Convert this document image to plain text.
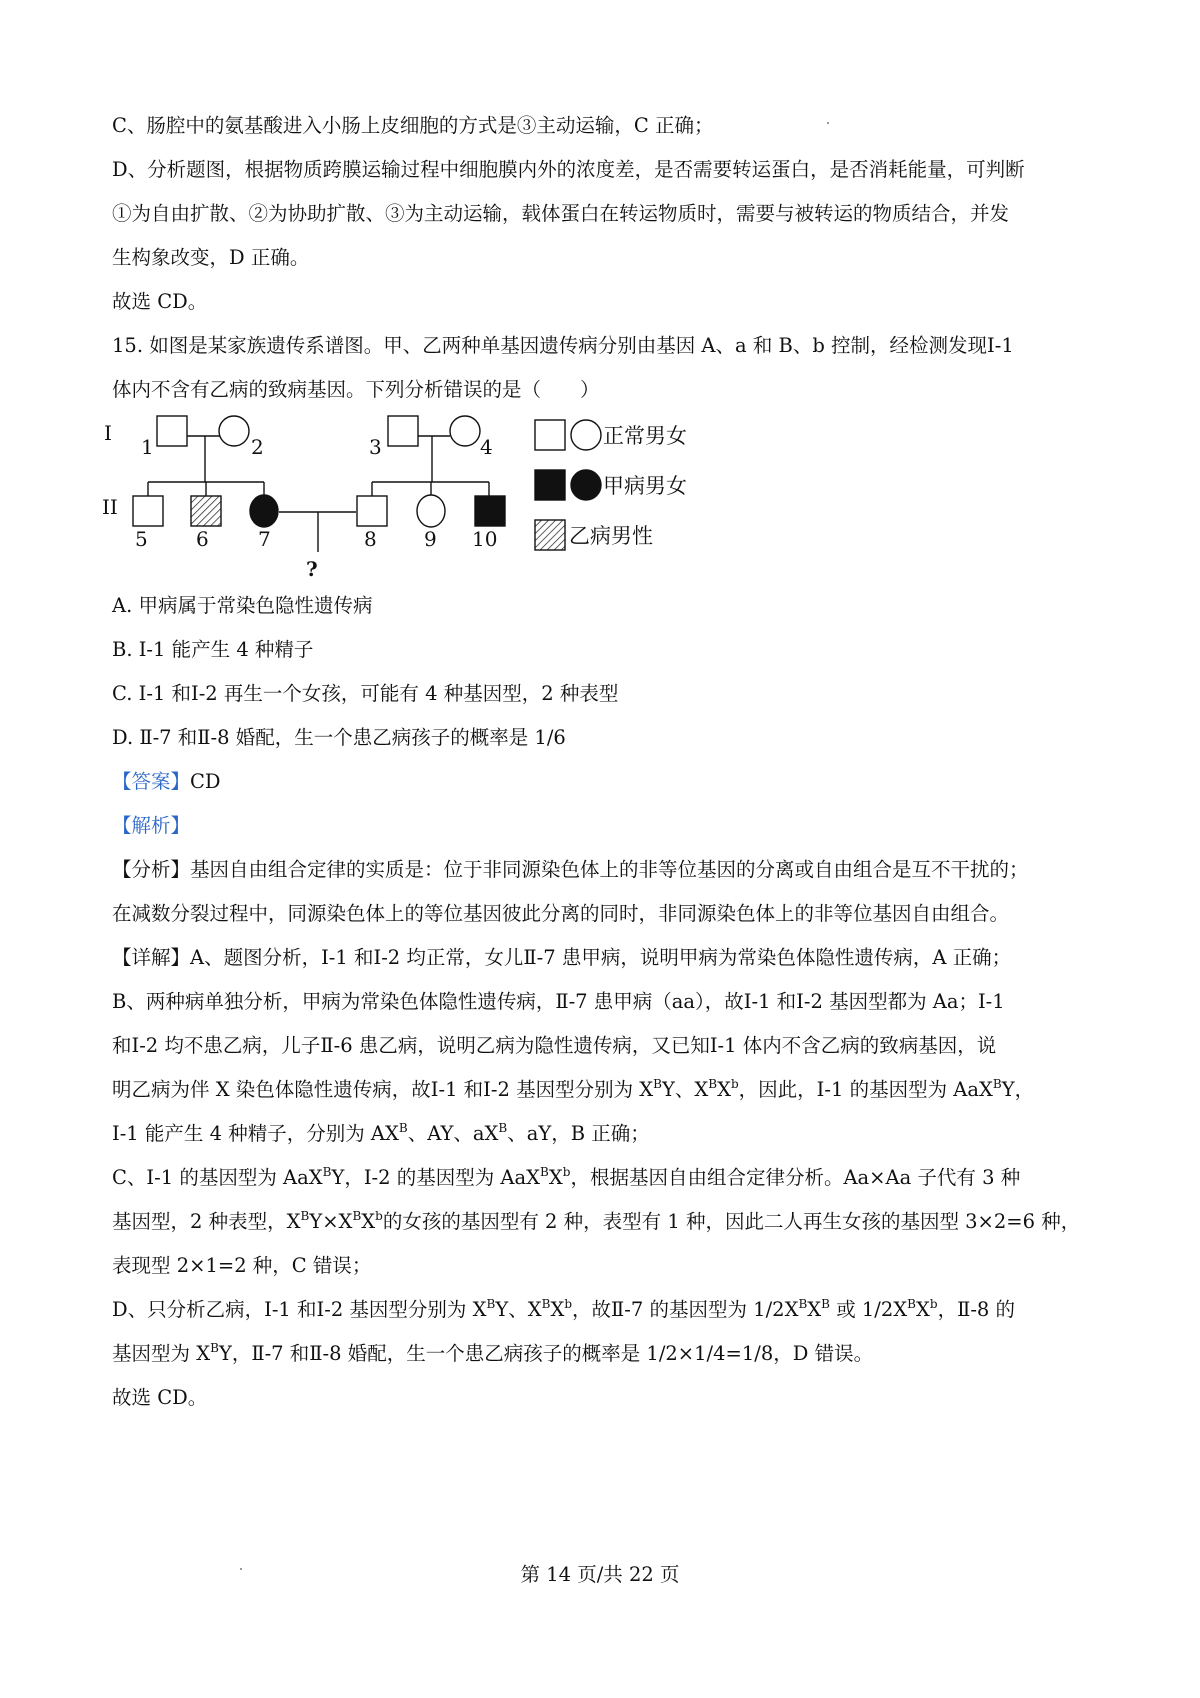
C、肠腔中的氨基酸进入小肠上皮细胞的方式是③主动运输，C 正确；
D、分析题图，根据物质跨膜运输过程中细胞膜内外的浓度差，是否需要转运蛋白，是否消耗能量，可判断
①为自由扩散、②为协助扩散、③为主动运输，载体蛋白在转运物质时，需要与被转运的物质结合，并发
生构象改变，D 正确。
故选 CD。
15. 如图是某家族遗传系谱图。甲、乙两种单基因遗传病分别由基因 A、a 和 B、b 控制，经检测发现Ⅰ-1
体内不含有乙病的致病基因。下列分析错误的是（　　）
I
II
1	2	3	4
5 6 7	8 9 10
?
正常男女
甲病男女
乙病男性
A. 甲病属于常染色隐性遗传病
B. Ⅰ-1 能产生 4 种精子
C. Ⅰ-1 和Ⅰ-2 再生一个女孩，可能有 4 种基因型，2 种表型
D. Ⅱ-7 和Ⅱ-8 婚配，生一个患乙病孩子的概率是 1/6
【答案】CD
【解析】
【分析】基因自由组合定律的实质是：位于非同源染色体上的非等位基因的分离或自由组合是互不干扰的；
在减数分裂过程中，同源染色体上的等位基因彼此分离的同时，非同源染色体上的非等位基因自由组合。
【详解】A、题图分析，Ⅰ-1 和Ⅰ-2 均正常，女儿Ⅱ-7 患甲病，说明甲病为常染色体隐性遗传病，A 正确；
B、两种病单独分析，甲病为常染色体隐性遗传病，Ⅱ-7 患甲病（aa），故Ⅰ-1 和Ⅰ-2 基因型都为 Aa；Ⅰ-1
和Ⅰ-2 均不患乙病，儿子Ⅱ-6 患乙病，说明乙病为隐性遗传病，又已知Ⅰ-1 体内不含乙病的致病基因，说
明乙病为伴 X 染色体隐性遗传病，故Ⅰ-1 和Ⅰ-2 基因型分别为 $X^BY$、$X^BX^b$，因此，Ⅰ-1 的基因型为 AaX$^B$Y，
Ⅰ-1 能产生 4 种精子，分别为 $AX^B$、AY、$aX^B$、aY，B 正确；
C、Ⅰ-1 的基因型为 AaX$^B$Y，Ⅰ-2 的基因型为 $AaX^BX^b$，根据基因自由组合定律分析。Aa×Aa 子代有 3 种
基因型，2 种表型，$X^BY\times X^BX^b$的女孩的基因型有 2 种，表型有 1 种，因此二人再生女孩的基因型 3×2=6 种，
表现型 2×1=2 种，C 错误；
D、只分析乙病，Ⅰ-1 和Ⅰ-2 基因型分别为 $X^BY$、$X^BX^b$，故Ⅱ-7 的基因型为 $1/2X^BX^B$ 或 $1/2X^BX^b$，Ⅱ-8 的
基因型为 $X^BY$，Ⅱ-7 和Ⅱ-8 婚配，生一个患乙病孩子的概率是 1/2×1/4=1/8，D 错误。
故选 CD。
第 14 页/共 22 页
